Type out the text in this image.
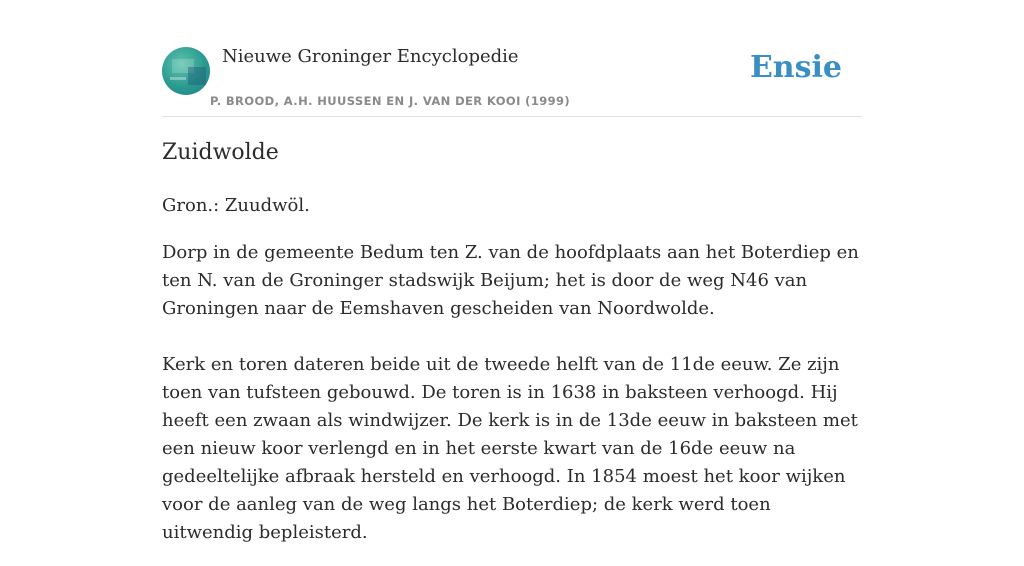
Nieuwe Groninger Encyclopedie
P. BROOD, A.H. HUUSSEN EN J. VAN DER KOOI (1999)
Ensie
Zuidwolde

Gron.: Zuudwöl.

Dorp in de gemeente Bedum ten Z. van de hoofdplaats aan het Boterdiep en ten N. van de Groninger stadswijk Beijum; het is door de weg N46 van Groningen naar de Eemshaven gescheiden van Noordwolde.

Kerk en toren dateren beide uit de tweede helft van de 11de eeuw. Ze zijn toen van tufsteen gebouwd. De toren is in 1638 in baksteen verhoogd. Hij heeft een zwaan als windwijzer. De kerk is in de 13de eeuw in baksteen met een nieuw koor verlengd en in het eerste kwart van de 16de eeuw na gedeeltelijke afbraak hersteld en verhoogd. In 1854 moest het koor wijken voor de aanleg van de weg langs het Boterdiep; de kerk werd toen uitwendig bepleisterd.
